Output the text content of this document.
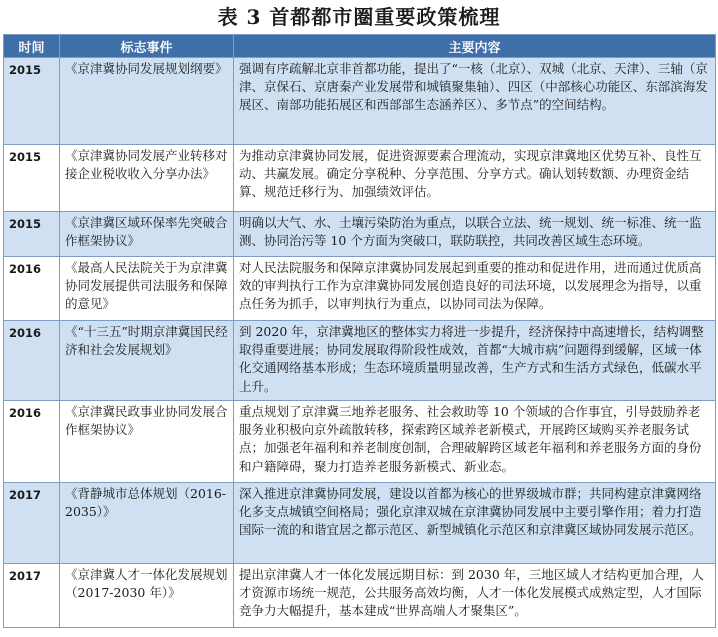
表 3 首都都市圈重要政策梳理
时间	标志事件	主要内容
2015	《京津冀协同发展规划纲要》	强调有序疏解北京非首都功能，提出了“一核（北京）、双城（北京、天津）、三轴（京津、京保石、京唐秦产业发展带和城镇聚集轴）、四区（中部核心功能区、东部滨海发展区、南部功能拓展区和西部部生态涵养区）、多节点”的空间结构。
2015	《京津冀协同发展产业转移对接企业税收收入分享办法》	为推动京津冀协同发展，促进资源要素合理流动，实现京津冀地区优势互补、良性互动、共赢发展。确定分享税种、分享范围、分享方式。确认划转数额、办理资金结算、规范迁移行为、加强绩效评估。
2015	《京津冀区域环保率先突破合作框架协议》	明确以大气、水、土壤污染防治为重点，以联合立法、统一规划、统一标准、统一监测、协同治污等 10 个方面为突破口，联防联控，共同改善区域生态环境。
2016	《最高人民法院关于为京津冀协同发展提供司法服务和保障的意见》	对人民法院服务和保障京津冀协同发展起到重要的推动和促进作用，进而通过优质高效的审判执行工作为京津冀协同发展创造良好的司法环境，以发展理念为指导，以重点任务为抓手，以审判执行为重点，以协同司法为保障。
2016	《“十三五”时期京津冀国民经济和社会发展规划》	到 2020 年，京津冀地区的整体实力将进一步提升，经济保持中高速增长，结构调整取得重要进展；协同发展取得阶段性成效，首都“大城市病”问题得到缓解，区域一体化交通网络基本形成；生态环境质量明显改善，生产方式和生活方式绿色，低碳水平上升。
2016	《京津冀民政事业协同发展合作框架协议》	重点规划了京津冀三地养老服务、社会救助等 10 个领域的合作事宜，引导鼓励养老服务业积极向京外疏散转移，探索跨区域养老新模式，开展跨区域购买养老服务试点；加强老年福利和养老制度创制，合理破解跨区域老年福利和养老服务方面的身份和户籍障碍，聚力打造养老服务新模式、新业态。
2017	《背静城市总体规划（2016-2035）》	深入推进京津冀协同发展，建设以首都为核心的世界级城市群；共同构建京津冀网络化多支点城镇空间格局；强化京津双城在京津冀协同发展中主要引擎作用；着力打造国际一流的和谐宜居之都示范区、新型城镇化示范区和京津冀区域协同发展示范区。
2017	《京津冀人才一体化发展规划（2017-2030 年）》	提出京津冀人才一体化发展远期目标：到 2030 年，三地区域人才结构更加合理，人才资源市场统一规范，公共服务高效均衡，人才一体化发展模式成熟定型，人才国际竞争力大幅提升，基本建成“世界高端人才聚集区”。
